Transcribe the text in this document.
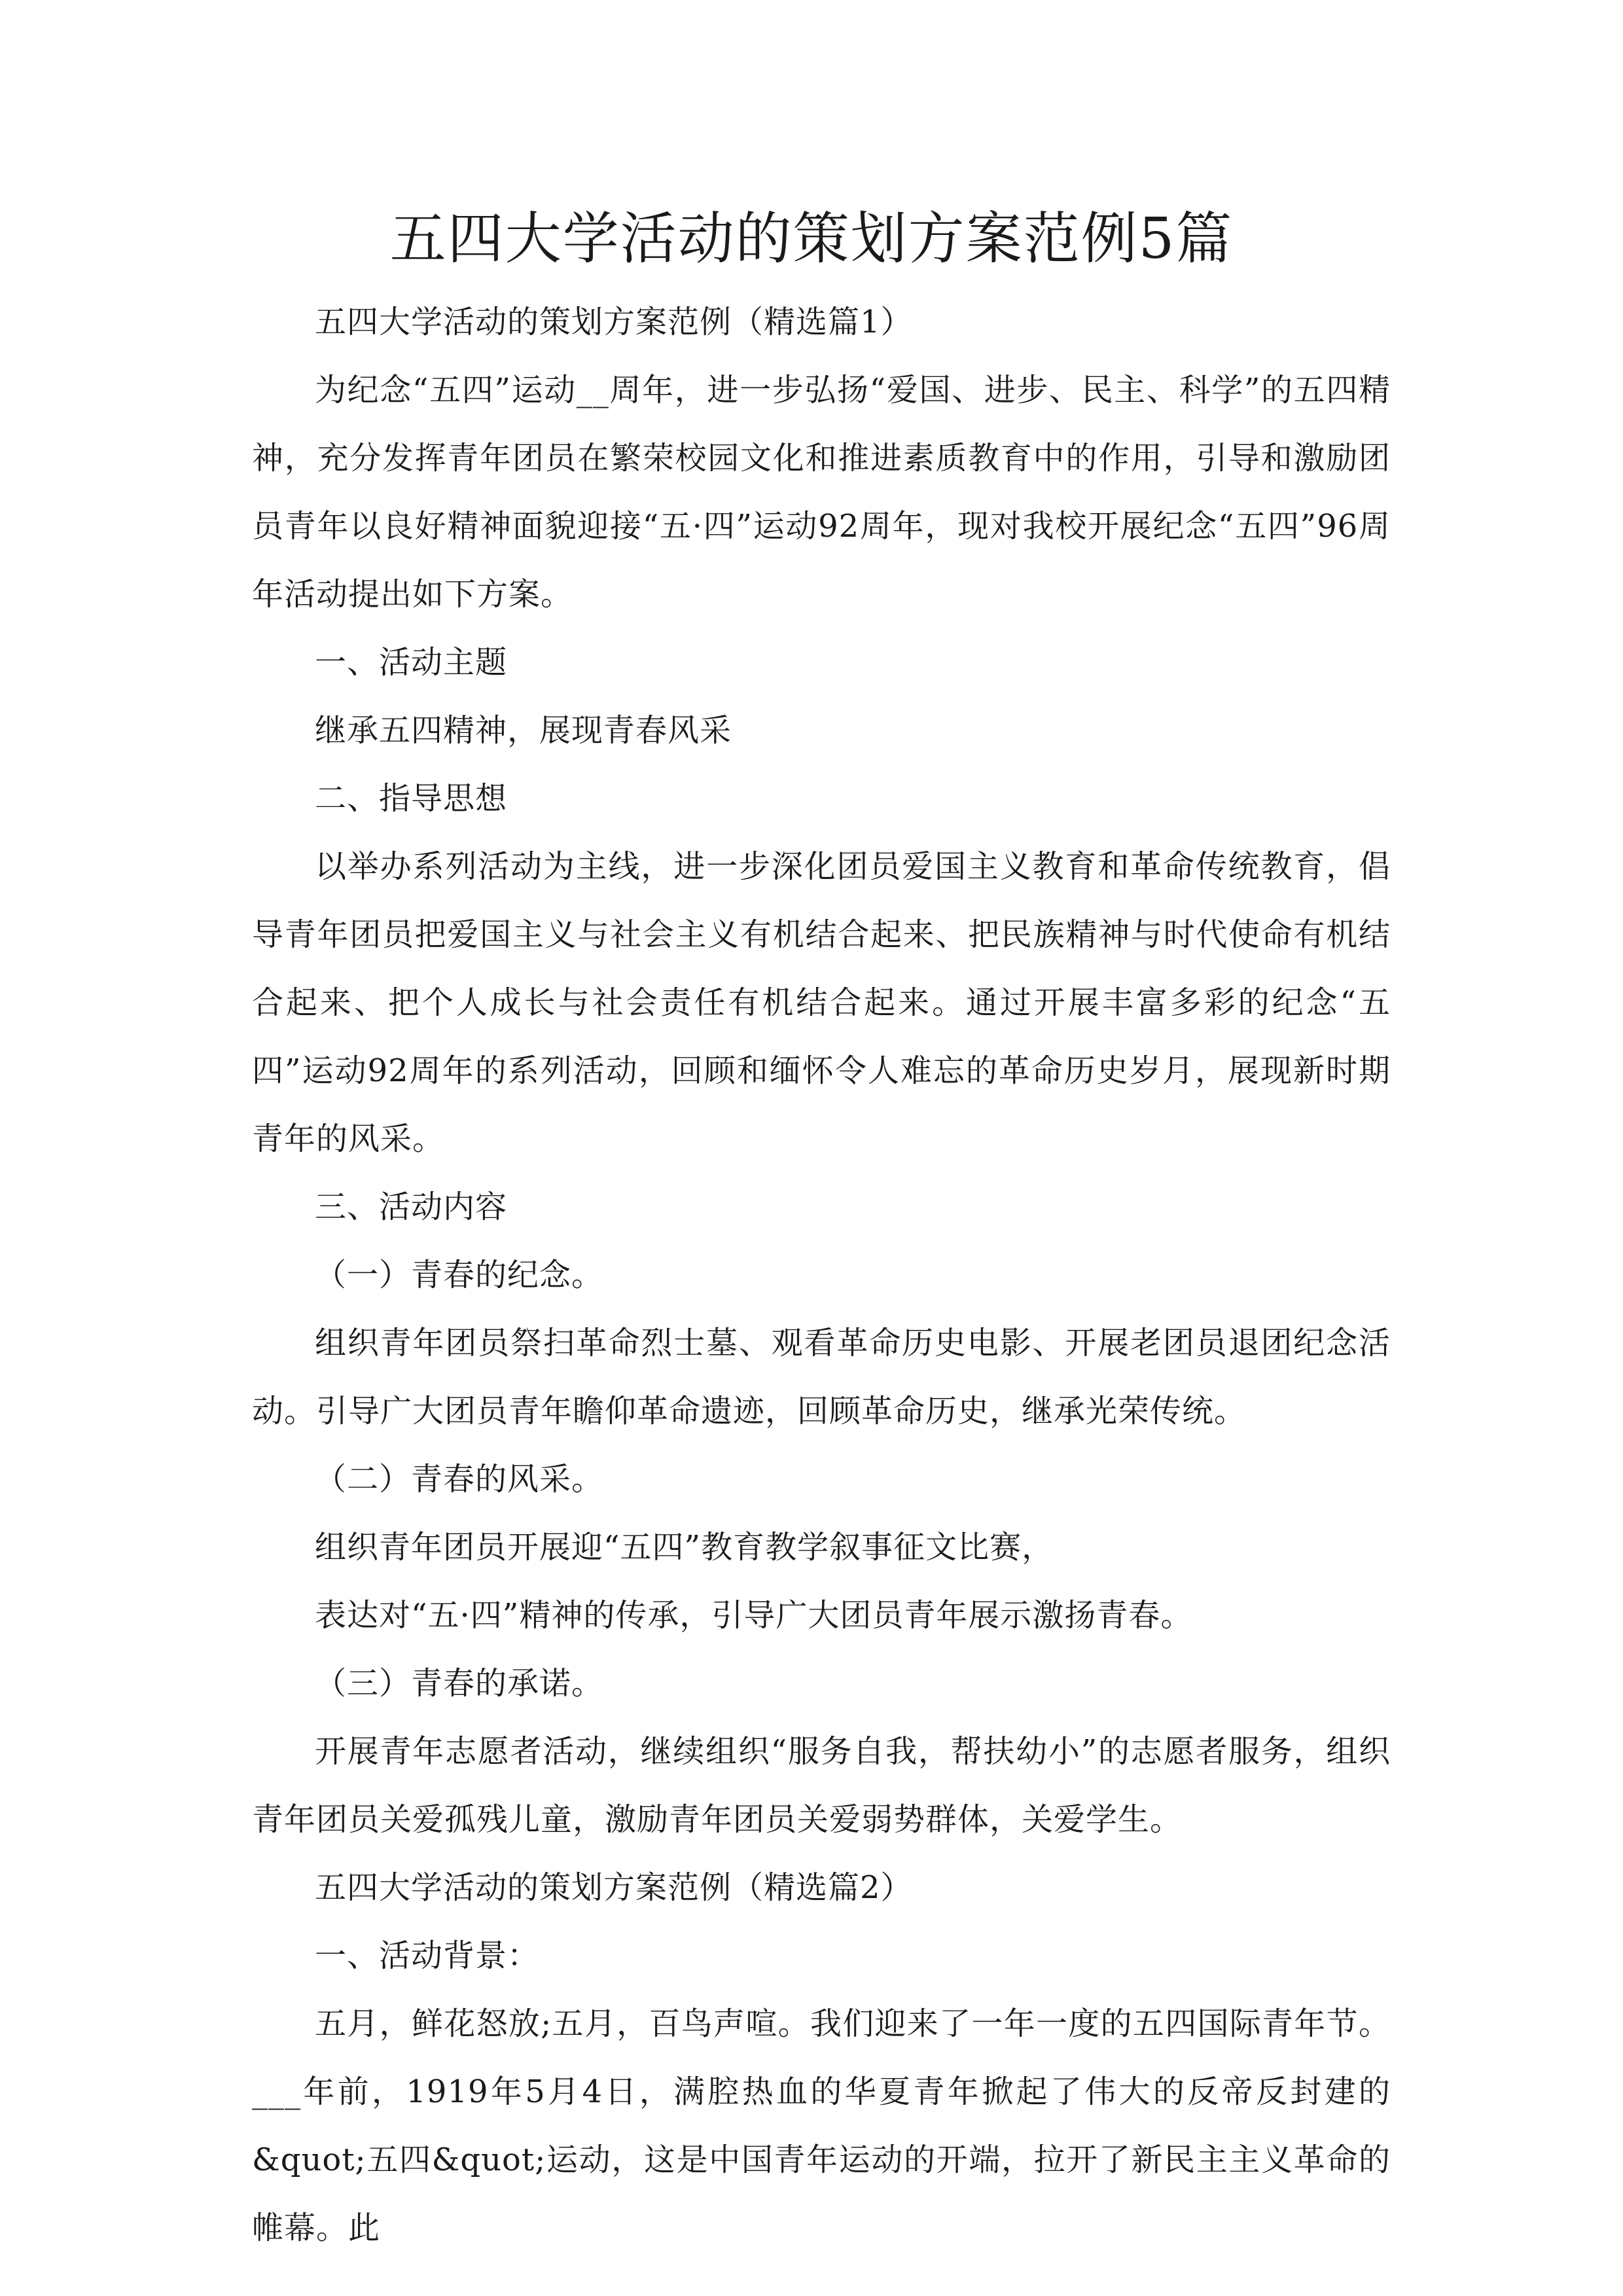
五四大学活动的策划方案范例5篇

五四大学活动的策划方案范例（精选篇1）

为纪念“五四”运动__周年，进一步弘扬“爱国、进步、民主、科学”的五四精神，充分发挥青年团员在繁荣校园文化和推进素质教育中的作用，引导和激励团员青年以良好精神面貌迎接“五·四”运动92周年，现对我校开展纪念“五四”96周年活动提出如下方案。

一、活动主题

继承五四精神，展现青春风采

二、指导思想

以举办系列活动为主线，进一步深化团员爱国主义教育和革命传统教育，倡导青年团员把爱国主义与社会主义有机结合起来、把民族精神与时代使命有机结合起来、把个人成长与社会责任有机结合起来。通过开展丰富多彩的纪念“五四”运动92周年的系列活动，回顾和缅怀令人难忘的革命历史岁月，展现新时期青年的风采。

三、活动内容

（一）青春的纪念。

组织青年团员祭扫革命烈士墓、观看革命历史电影、开展老团员退团纪念活动。引导广大团员青年瞻仰革命遗迹，回顾革命历史，继承光荣传统。

（二）青春的风采。

组织青年团员开展迎“五四”教育教学叙事征文比赛，

表达对“五·四”精神的传承，引导广大团员青年展示激扬青春。

（三）青春的承诺。

开展青年志愿者活动，继续组织“服务自我，帮扶幼小”的志愿者服务，组织青年团员关爱孤残儿童，激励青年团员关爱弱势群体，关爱学生。

五四大学活动的策划方案范例（精选篇2）

一、活动背景：

五月，鲜花怒放;五月，百鸟声喧。我们迎来了一年一度的五四国际青年节。___年前，1919年5月4日，满腔热血的华夏青年掀起了伟大的反帝反封建的&quot;五四&quot;运动，这是中国青年运动的开端，拉开了新民主主义革命的帷幕。此
